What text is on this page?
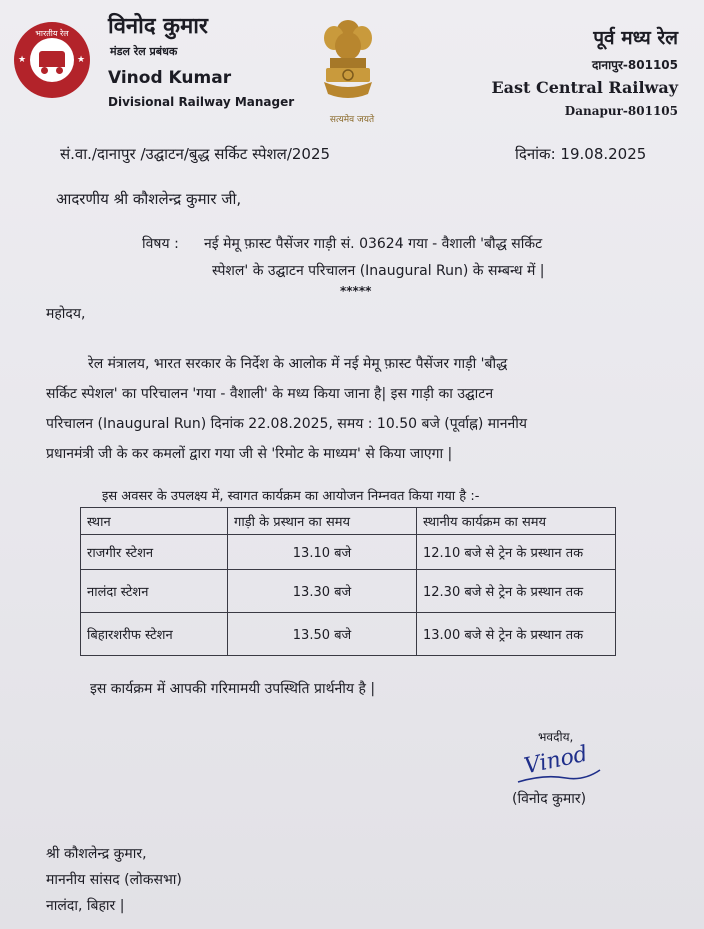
भारतीय रेल
★	★
विनोद कुमार
मंडल रेल प्रबंधक
Vinod Kumar
Divisional Railway Manager
सत्यमेव जयते
पूर्व मध्य रेल
दानापुर-801105
East Central Railway
Danapur-801105
सं.वा./दानापुर /उद्घाटन/बुद्ध सर्किट स्पेशल/2025	दिनांक: 19.08.2025
आदरणीय श्री कौशलेन्द्र कुमार जी,
विषय : नई मेमू फ़ास्ट पैसेंजर गाड़ी सं. 03624 गया - वैशाली 'बौद्ध सर्किट
स्पेशल' के उद्घाटन परिचालन (Inaugural Run) के सम्बन्ध में |
*****
महोदय,
रेल मंत्रालय, भारत सरकार के निर्देश के आलोक में नई मेमू फ़ास्ट पैसेंजर गाड़ी 'बौद्ध
सर्किट स्पेशल' का परिचालन 'गया - वैशाली' के मध्य किया जाना है| इस गाड़ी का उद्घाटन
परिचालन (Inaugural Run) दिनांक 22.08.2025, समय : 10.50 बजे (पूर्वाह्न) माननीय
प्रधानमंत्री जी के कर कमलों द्वारा गया जी से 'रिमोट के माध्यम' से किया जाएगा |
इस अवसर के उपलक्ष्य में, स्वागत कार्यक्रम का आयोजन निम्नवत किया गया है :-
स्थान	गाड़ी के प्रस्थान का समय	स्थानीय कार्यक्रम का समय
राजगीर स्टेशन	13.10 बजे	12.10 बजे से ट्रेन के प्रस्थान तक
नालंदा स्टेशन	13.30 बजे	12.30 बजे से ट्रेन के प्रस्थान तक
बिहारशरीफ स्टेशन	13.50 बजे	13.00 बजे से ट्रेन के प्रस्थान तक
इस कार्यक्रम में आपकी गरिमामयी उपस्थिति प्रार्थनीय है |
भवदीय,
Vinod
(विनोद कुमार)
श्री कौशलेन्द्र कुमार,
माननीय सांसद (लोकसभा)
नालंदा, बिहार |
